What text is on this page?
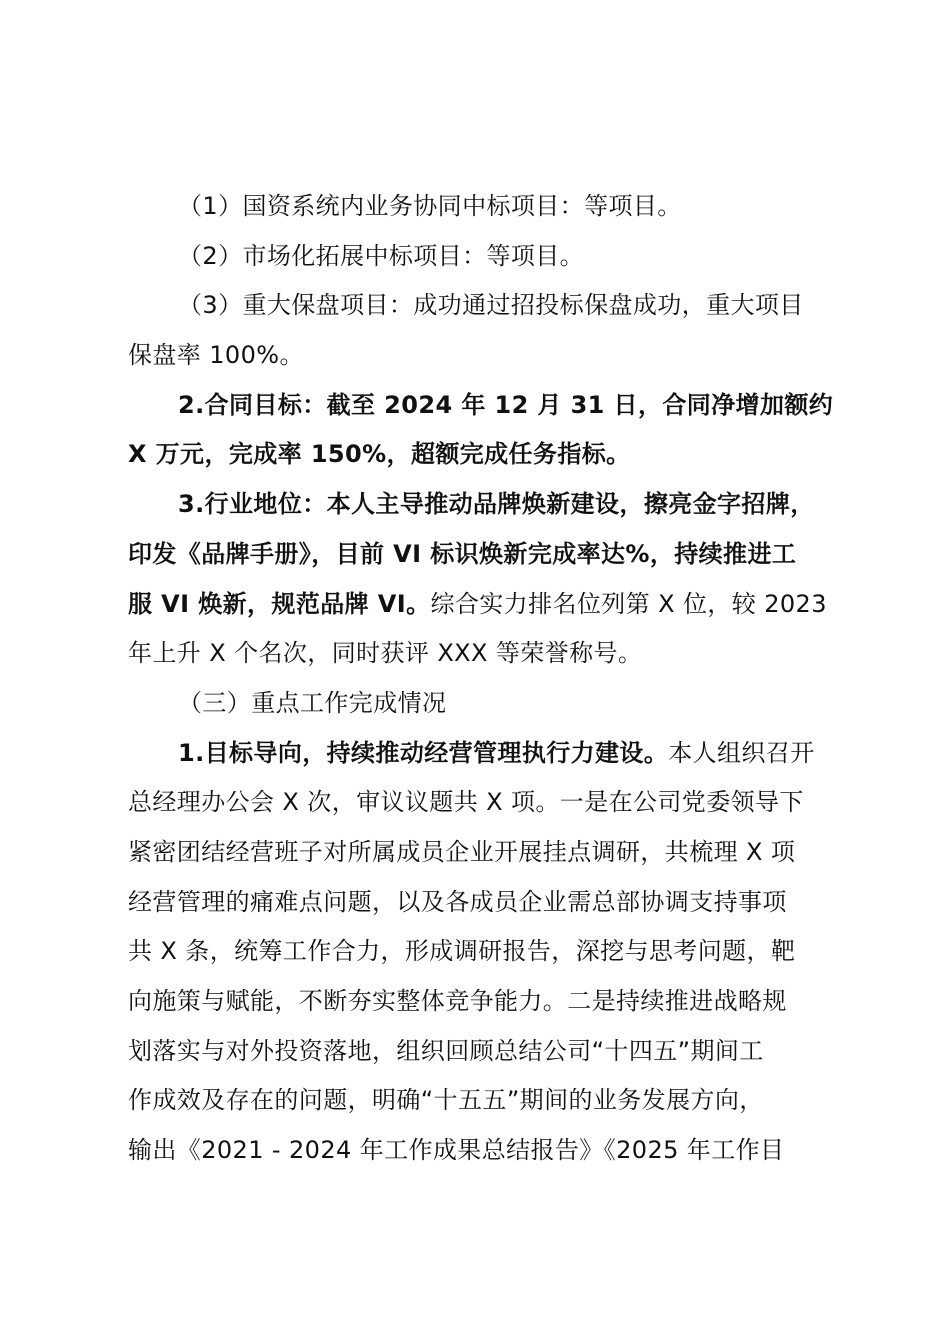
（1）国资系统内业务协同中标项目：等项目。
（2）市场化拓展中标项目：等项目。
（3）重大保盘项目：成功通过招投标保盘成功，重大项目
保盘率 100%。
2.合同目标：截至 2024 年 12 月 31 日，合同净增加额约
X 万元，完成率 150%，超额完成任务指标。
3.行业地位：本人主导推动品牌焕新建设，擦亮金字招牌，
印发《品牌手册》，目前 VI 标识焕新完成率达%，持续推进工
服 VI 焕新，规范品牌 VI。综合实力排名位列第 X 位，较 2023
年上升 X 个名次，同时获评 XXX 等荣誉称号。
（三）重点工作完成情况
1.目标导向，持续推动经营管理执行力建设。本人组织召开
总经理办公会 X 次，审议议题共 X 项。一是在公司党委领导下
紧密团结经营班子对所属成员企业开展挂点调研，共梳理 X 项
经营管理的痛难点问题，以及各成员企业需总部协调支持事项
共 X 条，统筹工作合力，形成调研报告，深挖与思考问题，靶
向施策与赋能，不断夯实整体竞争能力。二是持续推进战略规
划落实与对外投资落地，组织回顾总结公司“十四五”期间工
作成效及存在的问题，明确“十五五”期间的业务发展方向，
输出《2021 - 2024 年工作成果总结报告》《2025 年工作目
